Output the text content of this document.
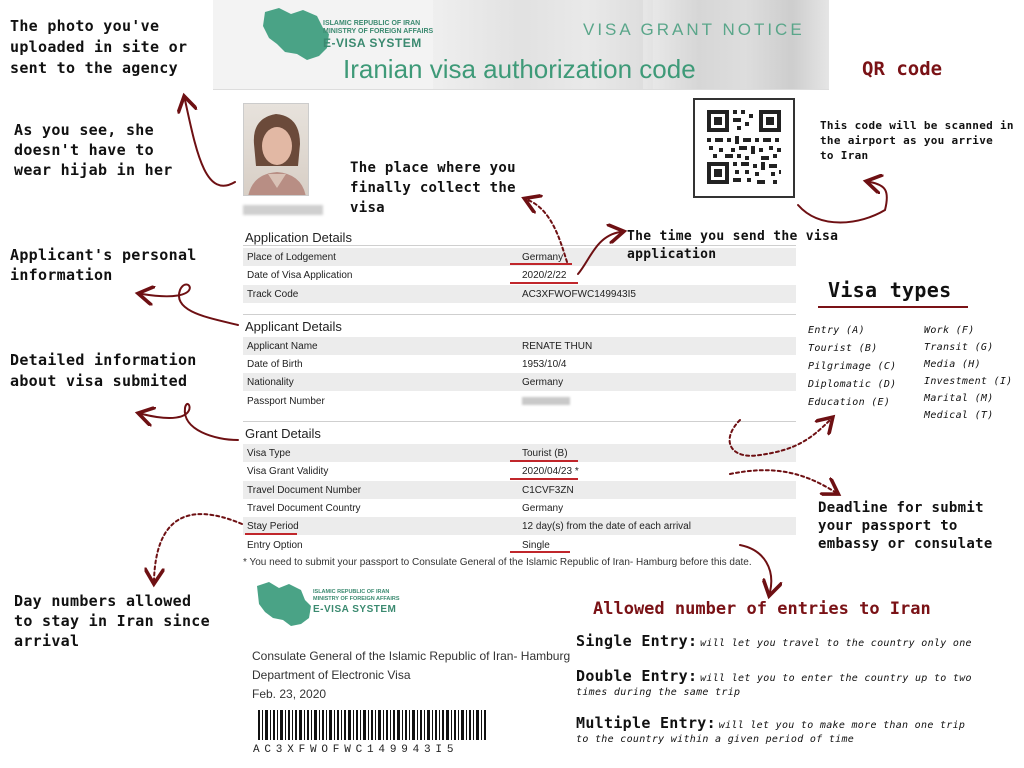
ISLAMIC REPUBLIC OF IRAN
MINISTRY OF FOREIGN AFFAIRS
E-VISA SYSTEM
VISA GRANT NOTICE
Iranian visa authorization code
Application Details
Place of Lodgement	Germany
Date of Visa Application	2020/2/22
Track Code	AC3XFWOFWC149943I5
Applicant Details
Applicant Name	RENATE THUN
Date of Birth	1953/10/4
Nationality	Germany
Passport Number
Grant Details
Visa Type	Tourist (B)
Visa Grant Validity	2020/04/23 *
Travel Document Number	C1CVF3ZN
Travel Document Country	Germany
Stay Period	12 day(s) from the date of each arrival
Entry Option	Single
* You need to submit your passport to Consulate General of the Islamic Republic of Iran- Hamburg before this date.
ISLAMIC REPUBLIC OF IRAN
MINISTRY OF FOREIGN AFFAIRS
E-VISA SYSTEM
Consulate General of the Islamic Republic of Iran- Hamburg
Department of Electronic Visa
Feb. 23, 2020
AC3XFWOFWC149943I5
The photo you've
uploaded in site or
sent to the agency
As you see, she
doesn't have to
wear hijab in her
Applicant's personal
information
Detailed information
about visa submited
Day numbers allowed
to stay in Iran since
arrival
The place where you
finally collect the
visa
The time you send the visa
application
QR code
This code will be scanned in
the airport as you arrive
to Iran
Visa types
Entry (A)
Tourist (B)
Pilgrimage (C)
Diplomatic (D)
Education (E)
Work (F)
Transit (G)
Media (H)
Investment (I)
Marital (M)
Medical (T)
Deadline for submit
your passport to
embassy or consulate
Allowed number of entries to Iran
Single Entry: will let you travel to the country only one
Double Entry: will let you to enter the country up to two
times during the same trip
Multiple Entry: will let you to make more than one trip
to the country within a given period of time
